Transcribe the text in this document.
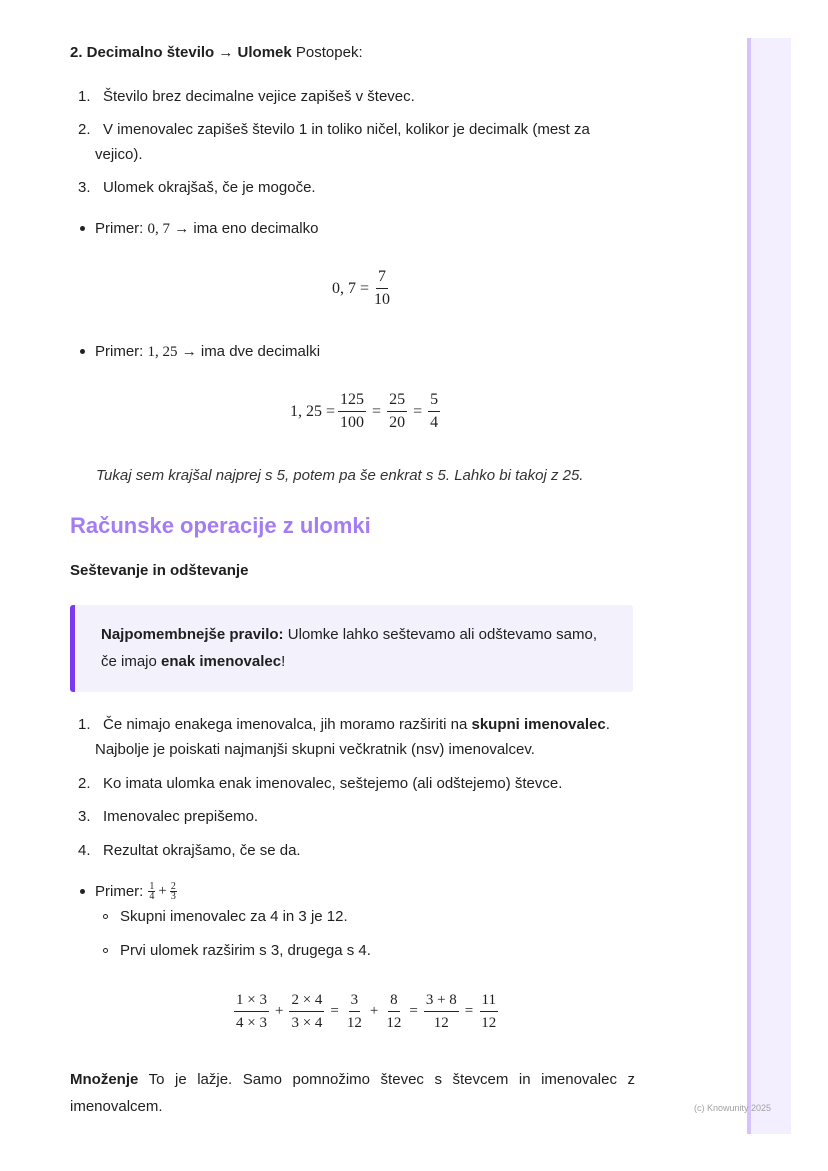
2. Decimalno število → Ulomek Postopek:
1. Število brez decimalne vejice zapišeš v števec.
2. V imenovalec zapišeš število 1 in toliko ničel, kolikor je decimalk (mest za
vejico).
3. Ulomek okrajšaš, če je mogoče.
Primer: 0, 7 → ima eno decimalko
0, $7 = \frac{7}{10}$
Primer: 1, 25 → ima dve decimalki
1, $25 = \frac{125}{100} = \frac{25}{20} = \frac{5}{4}$
Tukaj sem krajšal najprej s 5, potem pa še enkrat s 5. Lahko bi takoj z 25.
Računske operacije z ulomki
Seštevanje in odštevanje
Najpomembnejše pravilo: Ulomke lahko seštevamo ali odštevamo samo,
če imajo enak imenovalec!
1. Če nimajo enakega imenovalca, jih moramo razširiti na skupni imenovalec.
Najbolje je poiskati najmanjši skupni večkratnik (nsv) imenovalcev.
2. Ko imata ulomka enak imenovalec, seštejemo (ali odštejemo) števce.
3. Imenovalec prepišemo.
4. Rezultat okrajšamo, če se da.
Primer: $\frac{1}{4} + \frac{2}{3}$
Skupni imenovalec za 4 in 3 je 12.
Prvi ulomek razširim s 3, drugega s 4.
$\frac{1 \times 3}{4 \times 3} + \frac{2 \times 4}{3 \times 4} = \frac{3}{12} + \frac{8}{12} = \frac{3 + 8}{12} = \frac{11}{12}$
Množenje To je lažje. Samo pomnožimo števec s števcem in imenovalec z
imenovalcem.	(c) Knowunity 2025
